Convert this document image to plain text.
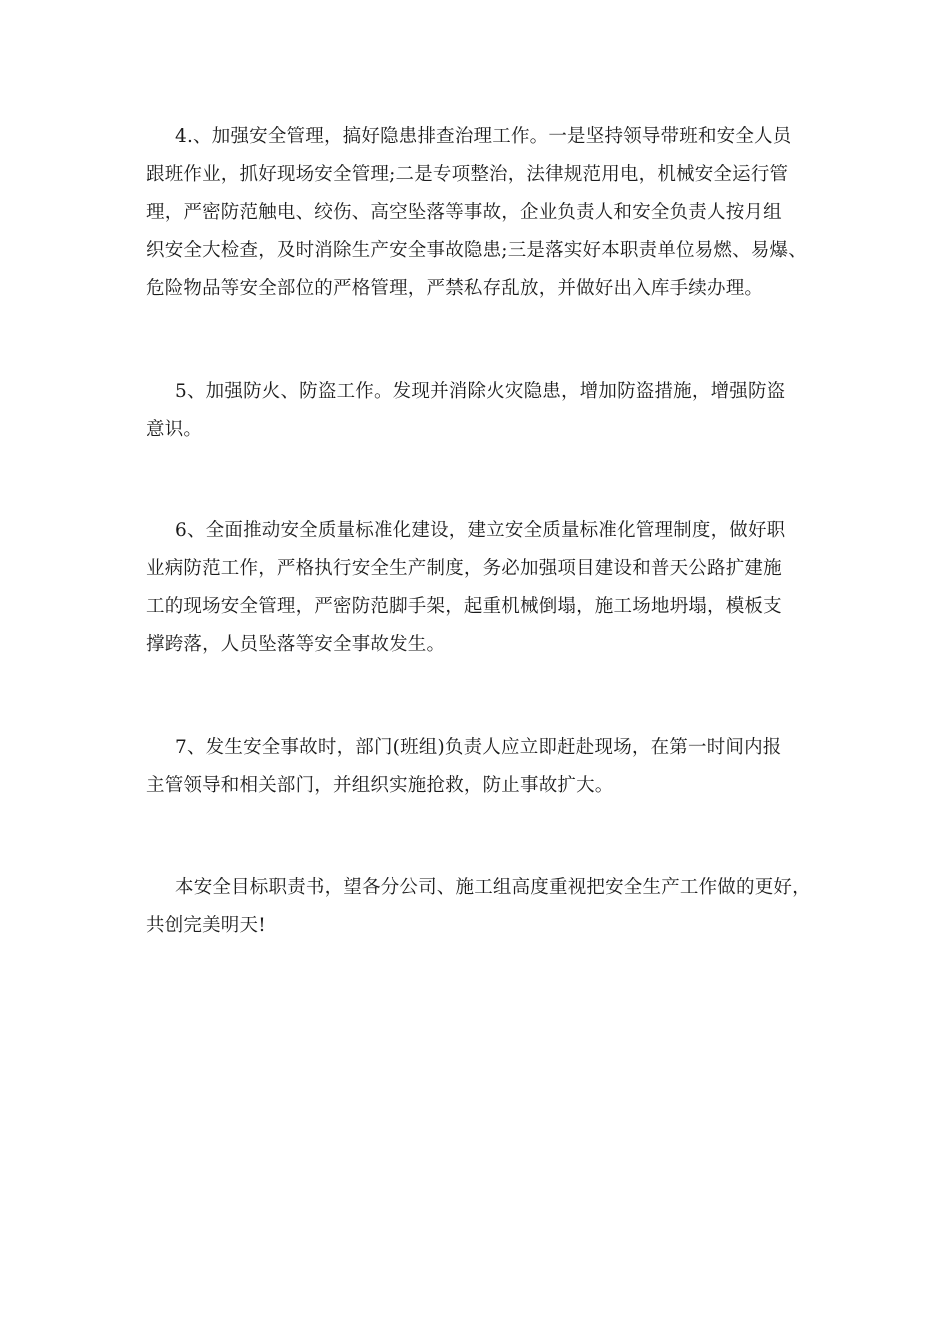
4.、加强安全管理，搞好隐患排查治理工作。一是坚持领导带班和安全人员
跟班作业，抓好现场安全管理;二是专项整治，法律规范用电，机械安全运行管
理，严密防范触电、绞伤、高空坠落等事故，企业负责人和安全负责人按月组
织安全大检查，及时消除生产安全事故隐患;三是落实好本职责单位易燃、易爆、
危险物品等安全部位的严格管理，严禁私存乱放，并做好出入库手续办理。
5、加强防火、防盗工作。发现并消除火灾隐患，增加防盗措施，增强防盗
意识。
6、全面推动安全质量标准化建设，建立安全质量标准化管理制度，做好职
业病防范工作，严格执行安全生产制度，务必加强项目建设和普天公路扩建施
工的现场安全管理，严密防范脚手架，起重机械倒塌，施工场地坍塌，模板支
撑跨落，人员坠落等安全事故发生。
7、发生安全事故时，部门(班组)负责人应立即赶赴现场，在第一时间内报
主管领导和相关部门，并组织实施抢救，防止事故扩大。
本安全目标职责书，望各分公司、施工组高度重视把安全生产工作做的更好，
共创完美明天!
